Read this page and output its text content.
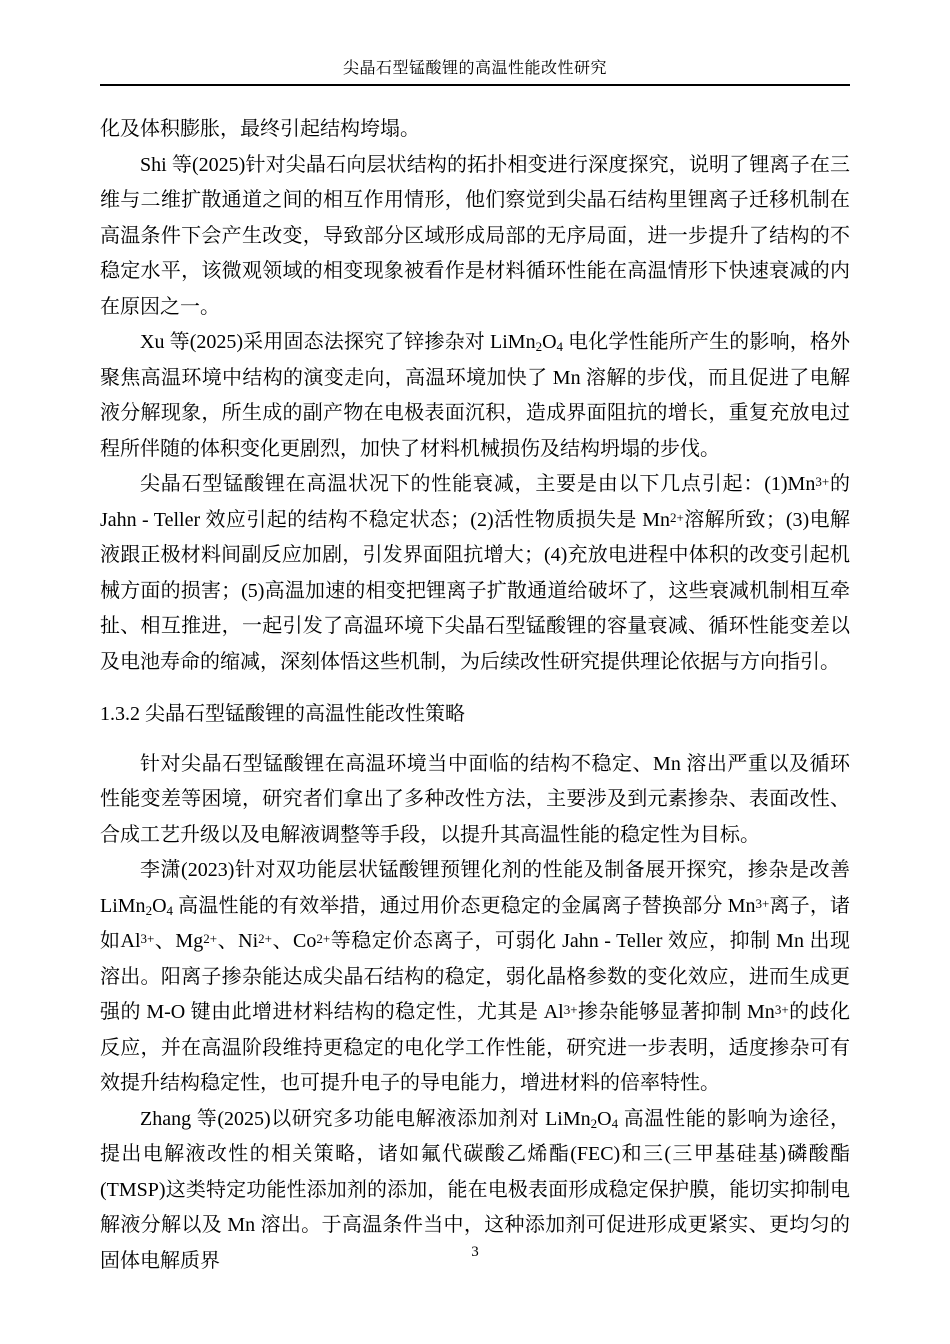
尖晶石型锰酸锂的高温性能改性研究

化及体积膨胀，最终引起结构垮塌。

Shi 等(2025)针对尖晶石向层状结构的拓扑相变进行深度探究，说明了锂离子在三维与二维扩散通道之间的相互作用情形，他们察觉到尖晶石结构里锂离子迁移机制在高温条件下会产生改变，导致部分区域形成局部的无序局面，进一步提升了结构的不稳定水平，该微观领域的相变现象被看作是材料循环性能在高温情形下快速衰减的内在原因之一。

Xu 等(2025)采用固态法探究了锌掺杂对 $LiMn_2O_4$ 电化学性能所产生的影响，格外聚焦高温环境中结构的演变走向，高温环境加快了 Mn 溶解的步伐，而且促进了电解液分解现象，所生成的副产物在电极表面沉积，造成界面阻抗的增长，重复充放电过程所伴随的体积变化更剧烈，加快了材料机械损伤及结构坍塌的步伐。

尖晶石型锰酸锂在高温状况下的性能衰减，主要是由以下几点引起：$(1)Mn^{3+}$的 Jahn - Teller 效应引起的结构不稳定状态；(2)活性物质损失是 $Mn^{2+}$溶解所致；(3)电解液跟正极材料间副反应加剧，引发界面阻抗增大；(4)充放电进程中体积的改变引起机械方面的损害；(5)高温加速的相变把锂离子扩散通道给破坏了，这些衰减机制相互牵扯、相互推进，一起引发了高温环境下尖晶石型锰酸锂的容量衰减、循环性能变差以及电池寿命的缩减，深刻体悟这些机制，为后续改性研究提供理论依据与方向指引。

1.3.2 尖晶石型锰酸锂的高温性能改性策略

针对尖晶石型锰酸锂在高温环境当中面临的结构不稳定、Mn 溶出严重以及循环性能变差等困境，研究者们拿出了多种改性方法，主要涉及到元素掺杂、表面改性、合成工艺升级以及电解液调整等手段，以提升其高温性能的稳定性为目标。

李潇(2023)针对双功能层状锰酸锂预锂化剂的性能及制备展开探究，掺杂是改善$LiMn_2O_4$ 高温性能的有效举措，通过用价态更稳定的金属离子替换部分 $Mn^{3+}$离子，诸如$Al^{3+}$、$Mg^{2+}$、$Ni^{2+}$、$Co^{2+}$等稳定价态离子，可弱化 Jahn - Teller 效应，抑制 Mn 出现溶出。阳离子掺杂能达成尖晶石结构的稳定，弱化晶格参数的变化效应，进而生成更强的 M-O 键由此增进材料结构的稳定性，尤其是 $Al^{3+}$掺杂能够显著抑制 $Mn^{3+}$的歧化反应，并在高温阶段维持更稳定的电化学工作性能，研究进一步表明，适度掺杂可有效提升结构稳定性，也可提升电子的导电能力，增进材料的倍率特性。

Zhang 等(2025)以研究多功能电解液添加剂对 $LiMn_2O_4$ 高温性能的影响为途径，提出电解液改性的相关策略，诸如氟代碳酸乙烯酯(FEC)和三(三甲基硅基)磷酸酯(TMSP)这类特定功能性添加剂的添加，能在电极表面形成稳定保护膜，能切实抑制电解液分解以及 Mn 溶出。于高温条件当中，这种添加剂可促进形成更紧实、更均匀的固体电解质界	3
